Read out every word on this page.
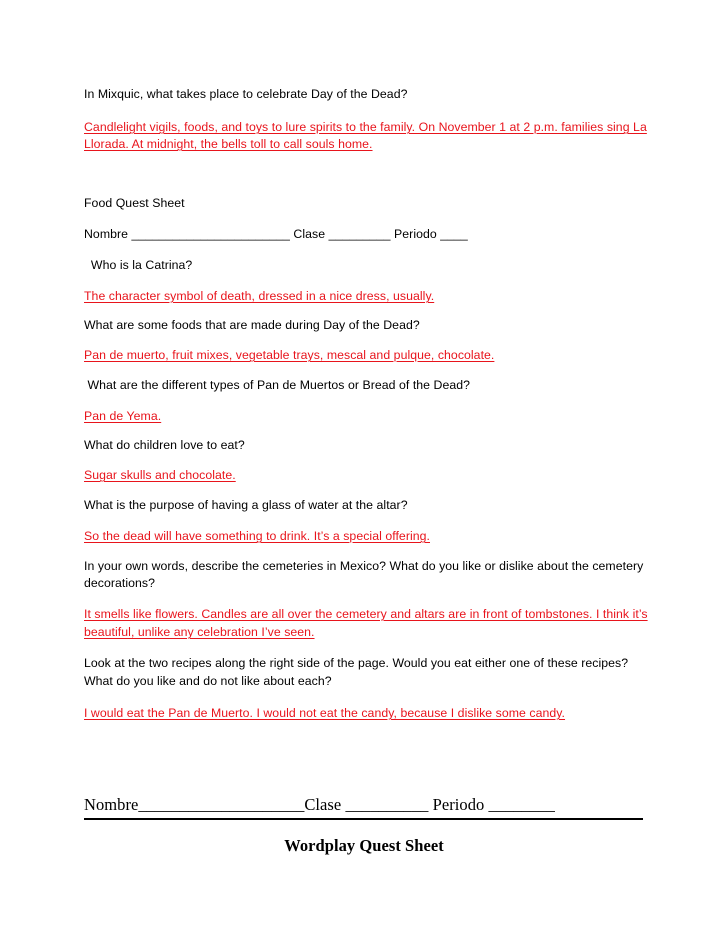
In Mixquic, what takes place to celebrate Day of the Dead?
Candlelight vigils, foods, and toys to lure spirits to the family. On November 1 at 2 p.m. families sing La
Llorada. At midnight, the bells toll to call souls home.
Food Quest Sheet
Nombre _______________________ Clase _________ Periodo ____
Who is la Catrina?
The character symbol of death, dressed in a nice dress, usually.
What are some foods that are made during Day of the Dead?
Pan de muerto, fruit mixes, vegetable trays, mescal and pulque, chocolate.
What are the different types of Pan de Muertos or Bread of the Dead?
Pan de Yema.
What do children love to eat?
Sugar skulls and chocolate.
What is the purpose of having a glass of water at the altar?
So the dead will have something to drink. It’s a special offering.
In your own words, describe the cemeteries in Mexico? What do you like or dislike about the cemetery
decorations?
It smells like flowers. Candles are all over the cemetery and altars are in front of tombstones. I think it’s
beautiful, unlike any celebration I’ve seen.
Look at the two recipes along the right side of the page. Would you eat either one of these recipes?
What do you like and do not like about each?
I would eat the Pan de Muerto. I would not eat the candy, because I dislike some candy.
Nombre____________________Clase __________ Periodo ________
Wordplay Quest Sheet
